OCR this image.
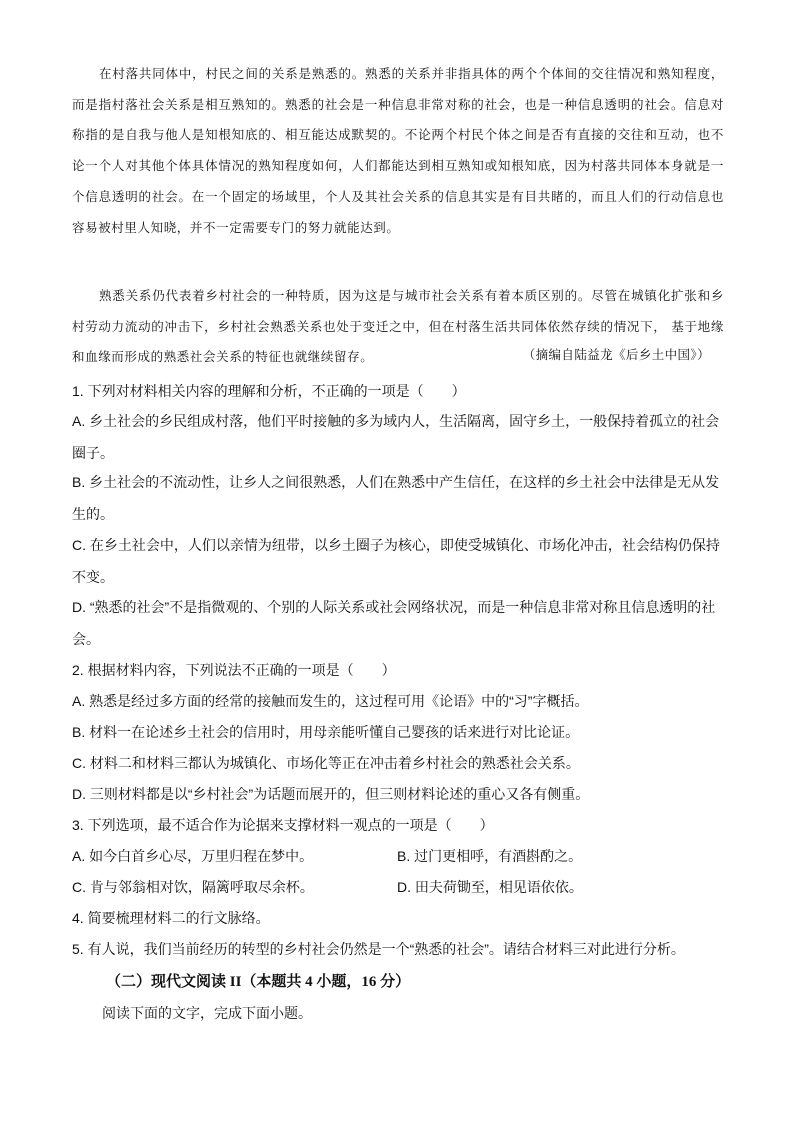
在村落共同体中，村民之间的关系是熟悉的。熟悉的关系并非指具体的两个个体间的交往情况和熟知程度，而是指村落社会关系是相互熟知的。熟悉的社会是一种信息非常对称的社会，也是一种信息透明的社会。信息对称指的是自我与他人是知根知底的、相互能达成默契的。不论两个村民个体之间是否有直接的交往和互动，也不论一个人对其他个体具体情况的熟知程度如何，人们都能达到相互熟知或知根知底，因为村落共同体本身就是一个信息透明的社会。在一个固定的场域里，个人及其社会关系的信息其实是有目共睹的，而且人们的行动信息也容易被村里人知晓，并不一定需要专门的努力就能达到。

熟悉关系仍代表着乡村社会的一种特质，因为这是与城市社会关系有着本质区别的。尽管在城镇化扩张和乡村劳动力流动的冲击下，乡村社会熟悉关系也处于变迁之中，但在村落生活共同体依然存续的情况下， 基于地缘和血缘而形成的熟悉社会关系的特征也就继续留存。	（摘编自陆益龙《后乡土中国》）

1. 下列对材料相关内容的理解和分析，不正确的一项是（　　）

A. 乡土社会的乡民组成村落，他们平时接触的多为域内人，生活隔离，固守乡土，一般保持着孤立的社会圈子。

B. 乡土社会的不流动性，让乡人之间很熟悉，人们在熟悉中产生信任，在这样的乡土社会中法律是无从发生的。

C. 在乡土社会中，人们以亲情为纽带，以乡土圈子为核心，即使受城镇化、市场化冲击，社会结构仍保持不变。

D. “熟悉的社会”不是指微观的、个别的人际关系或社会网络状况，而是一种信息非常对称且信息透明的社会。

2. 根据材料内容，下列说法不正确的一项是（　　）

A. 熟悉是经过多方面的经常的接触而发生的，这过程可用《论语》中的“习”字概括。

B. 材料一在论述乡土社会的信用时，用母亲能听懂自己婴孩的话来进行对比论证。

C. 材料二和材料三都认为城镇化、市场化等正在冲击着乡村社会的熟悉社会关系。

D. 三则材料都是以“乡村社会”为话题而展开的，但三则材料论述的重心又各有侧重。

3. 下列选项，最不适合作为论据来支撑材料一观点的一项是（　　）

A. 如今白首乡心尽，万里归程在梦中。	B. 过门更相呼，有酒斟酌之。
C. 肯与邻翁相对饮，隔篱呼取尽余杯。	D. 田夫荷锄至，相见语依依。

4. 简要梳理材料二的行文脉络。

5. 有人说，我们当前经历的转型的乡村社会仍然是一个“熟悉的社会”。请结合材料三对此进行分析。

（二）现代文阅读 II（本题共 4 小题，16 分）
阅读下面的文字，完成下面小题。
